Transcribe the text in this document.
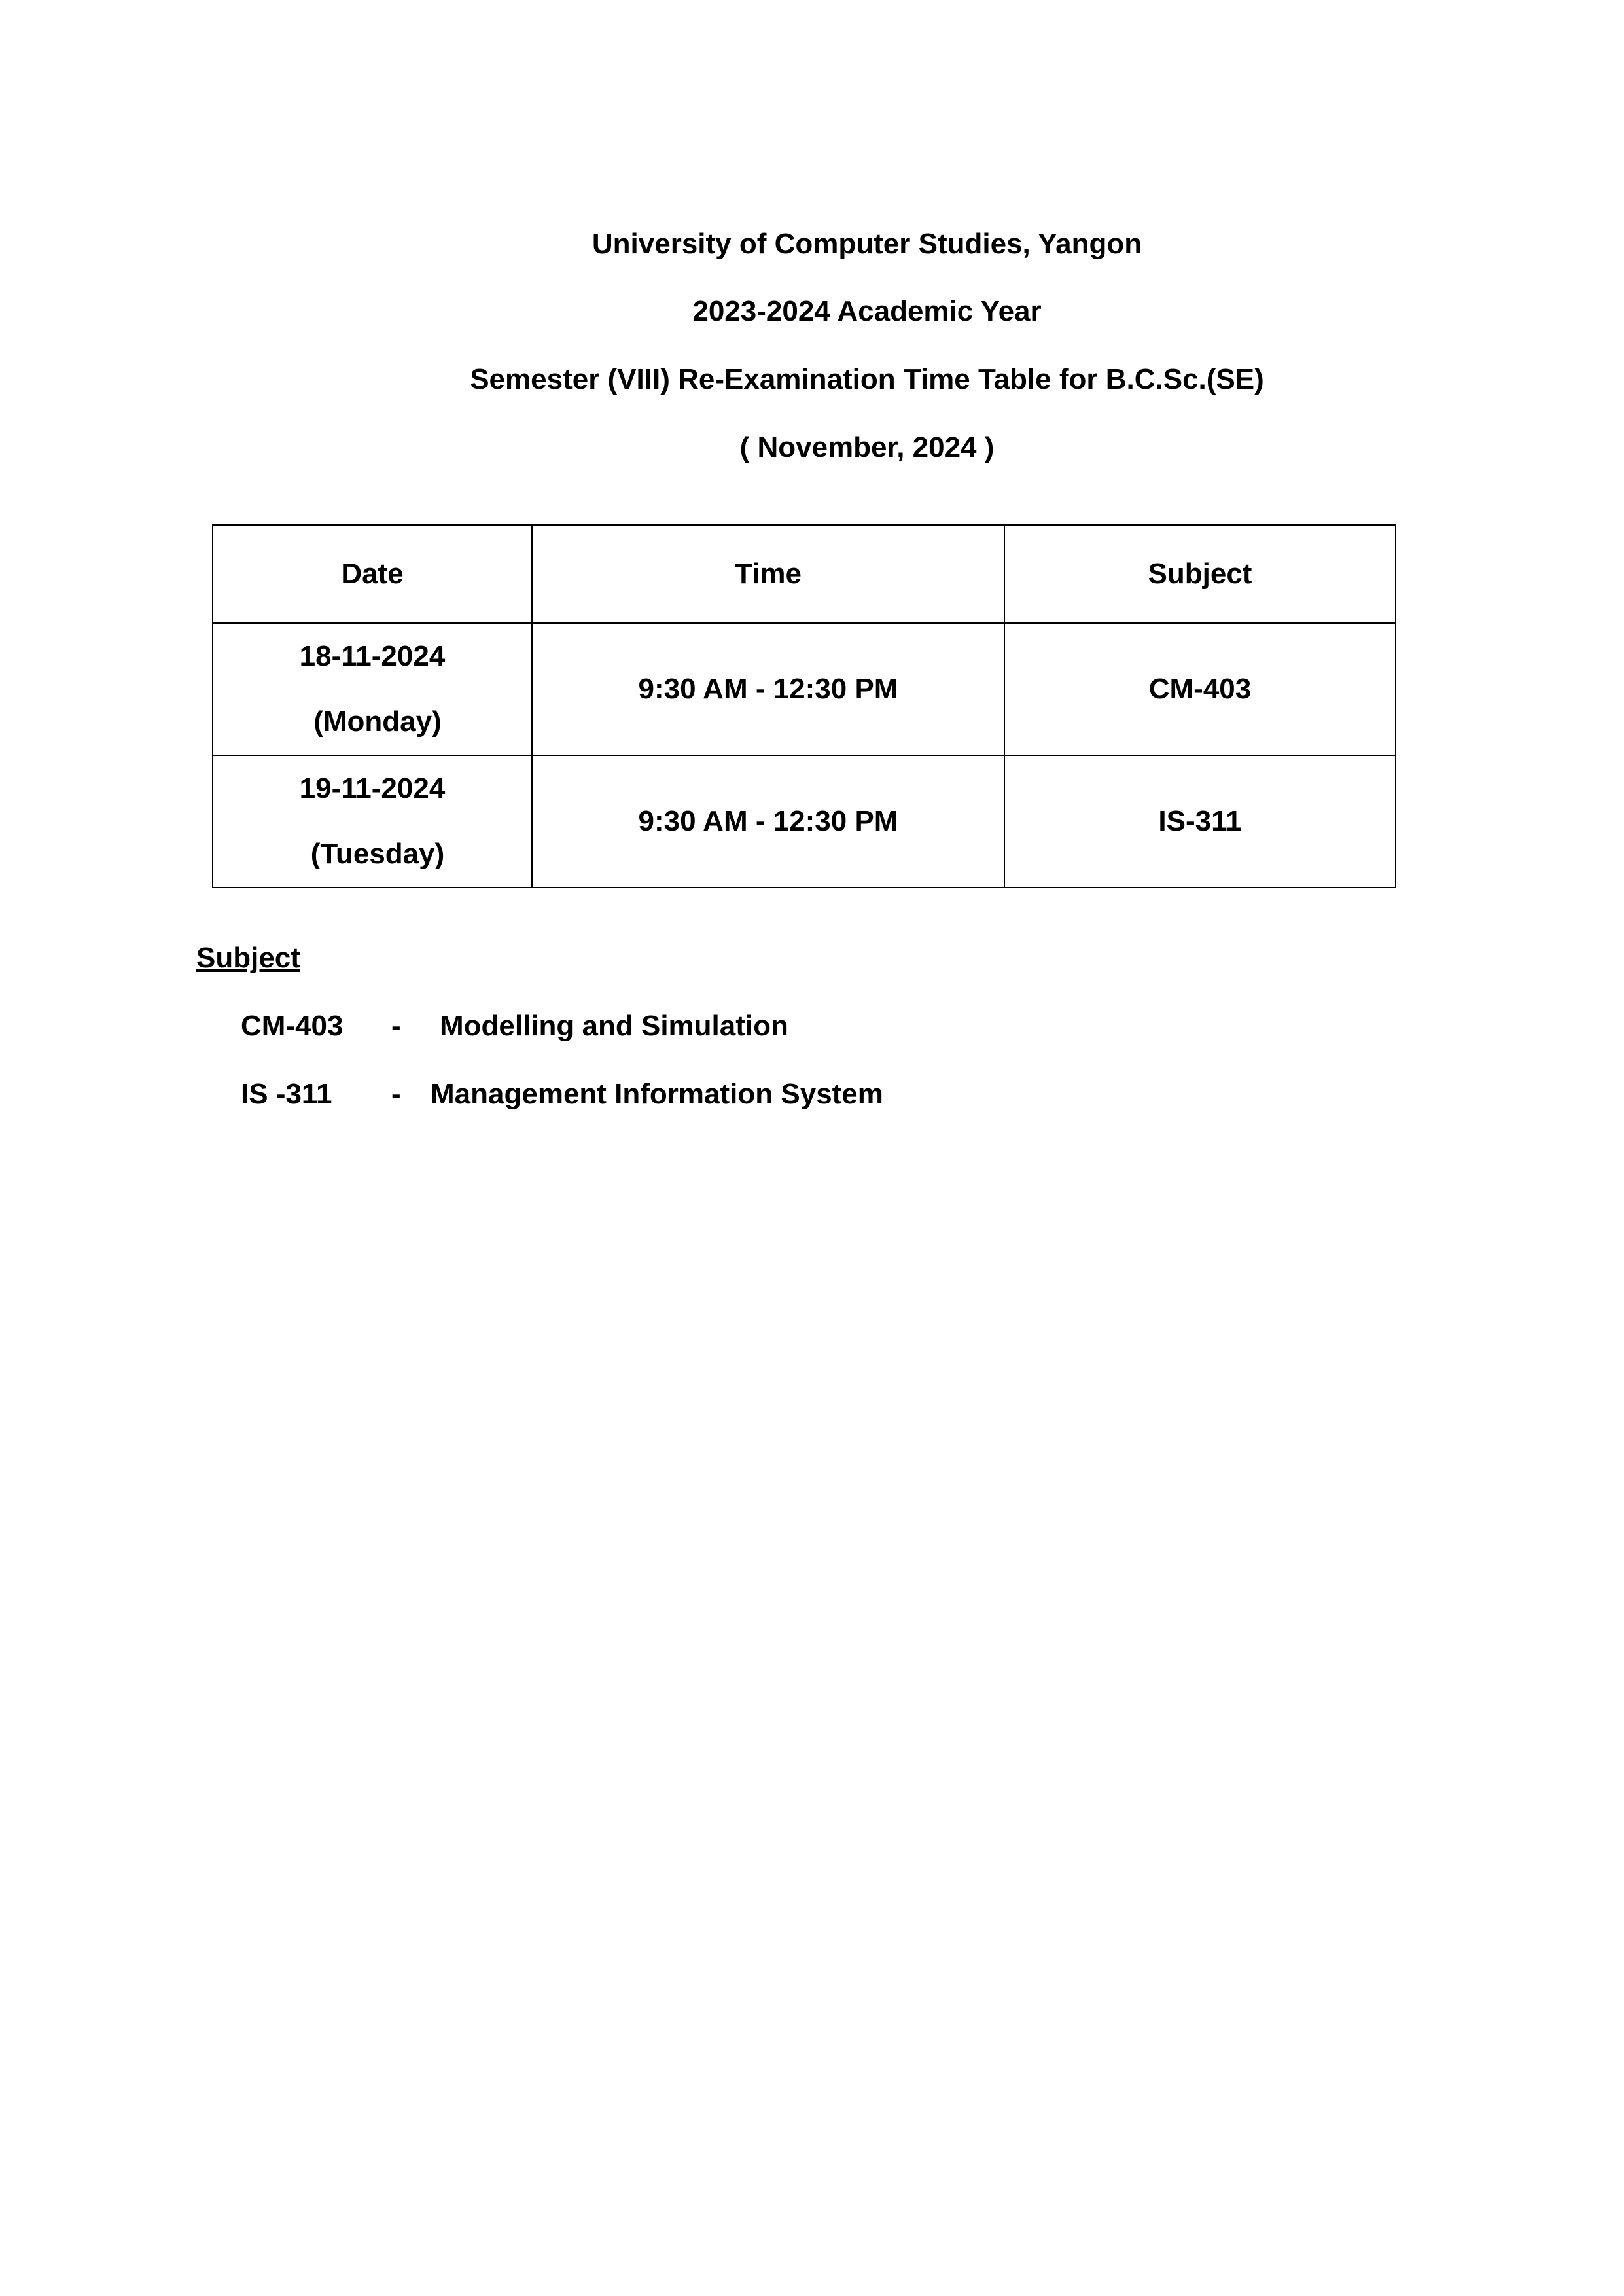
University of Computer Studies, Yangon
2023-2024 Academic Year
Semester (VIII) Re-Examination Time Table for B.C.Sc.(SE)
( November, 2024 )
Date	Time	Subject

18-11-2024
(Monday)	9:30 AM - 12:30 PM	CM-403

19-11-2024
(Tuesday)	9:30 AM - 12:30 PM	IS-311
Subject
CM-403 - Modelling and Simulation
IS -311 - Management Information System
